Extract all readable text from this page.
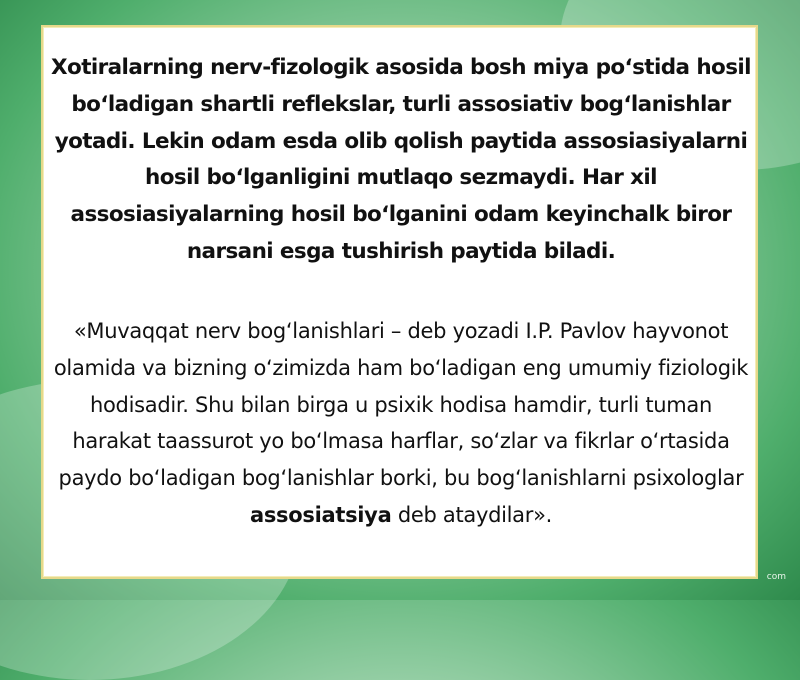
Xotiralarning nerv-fizologik asosida bosh miya po‘stida hosil bo‘ladigan shartli reflekslar, turli assosiativ bog‘lanishlar yotadi. Lekin odam esda olib qolish paytida assosiasiyalarni hosil bo‘lganligini mutlaqo sezmaydi. Har xil assosiasiyalarning hosil bo‘lganini odam keyinchalk biror narsani esga tushirish paytida biladi.

«Muvaqqat nerv bog‘lanishlari – deb yozadi I.P. Pavlov hayvonot olamida va bizning o‘zimizda ham bo‘ladigan eng umumiy fiziologik hodisadir. Shu bilan birga u psixik hodisa hamdir, turli tuman harakat taassurot yo bo‘lmasa harflar, so‘zlar va fikrlar o‘rtasida paydo bo‘ladigan bog‘lanishlar borki, bu bog‘lanishlarni psixologlar assosiatsiya deb ataydilar».

com
